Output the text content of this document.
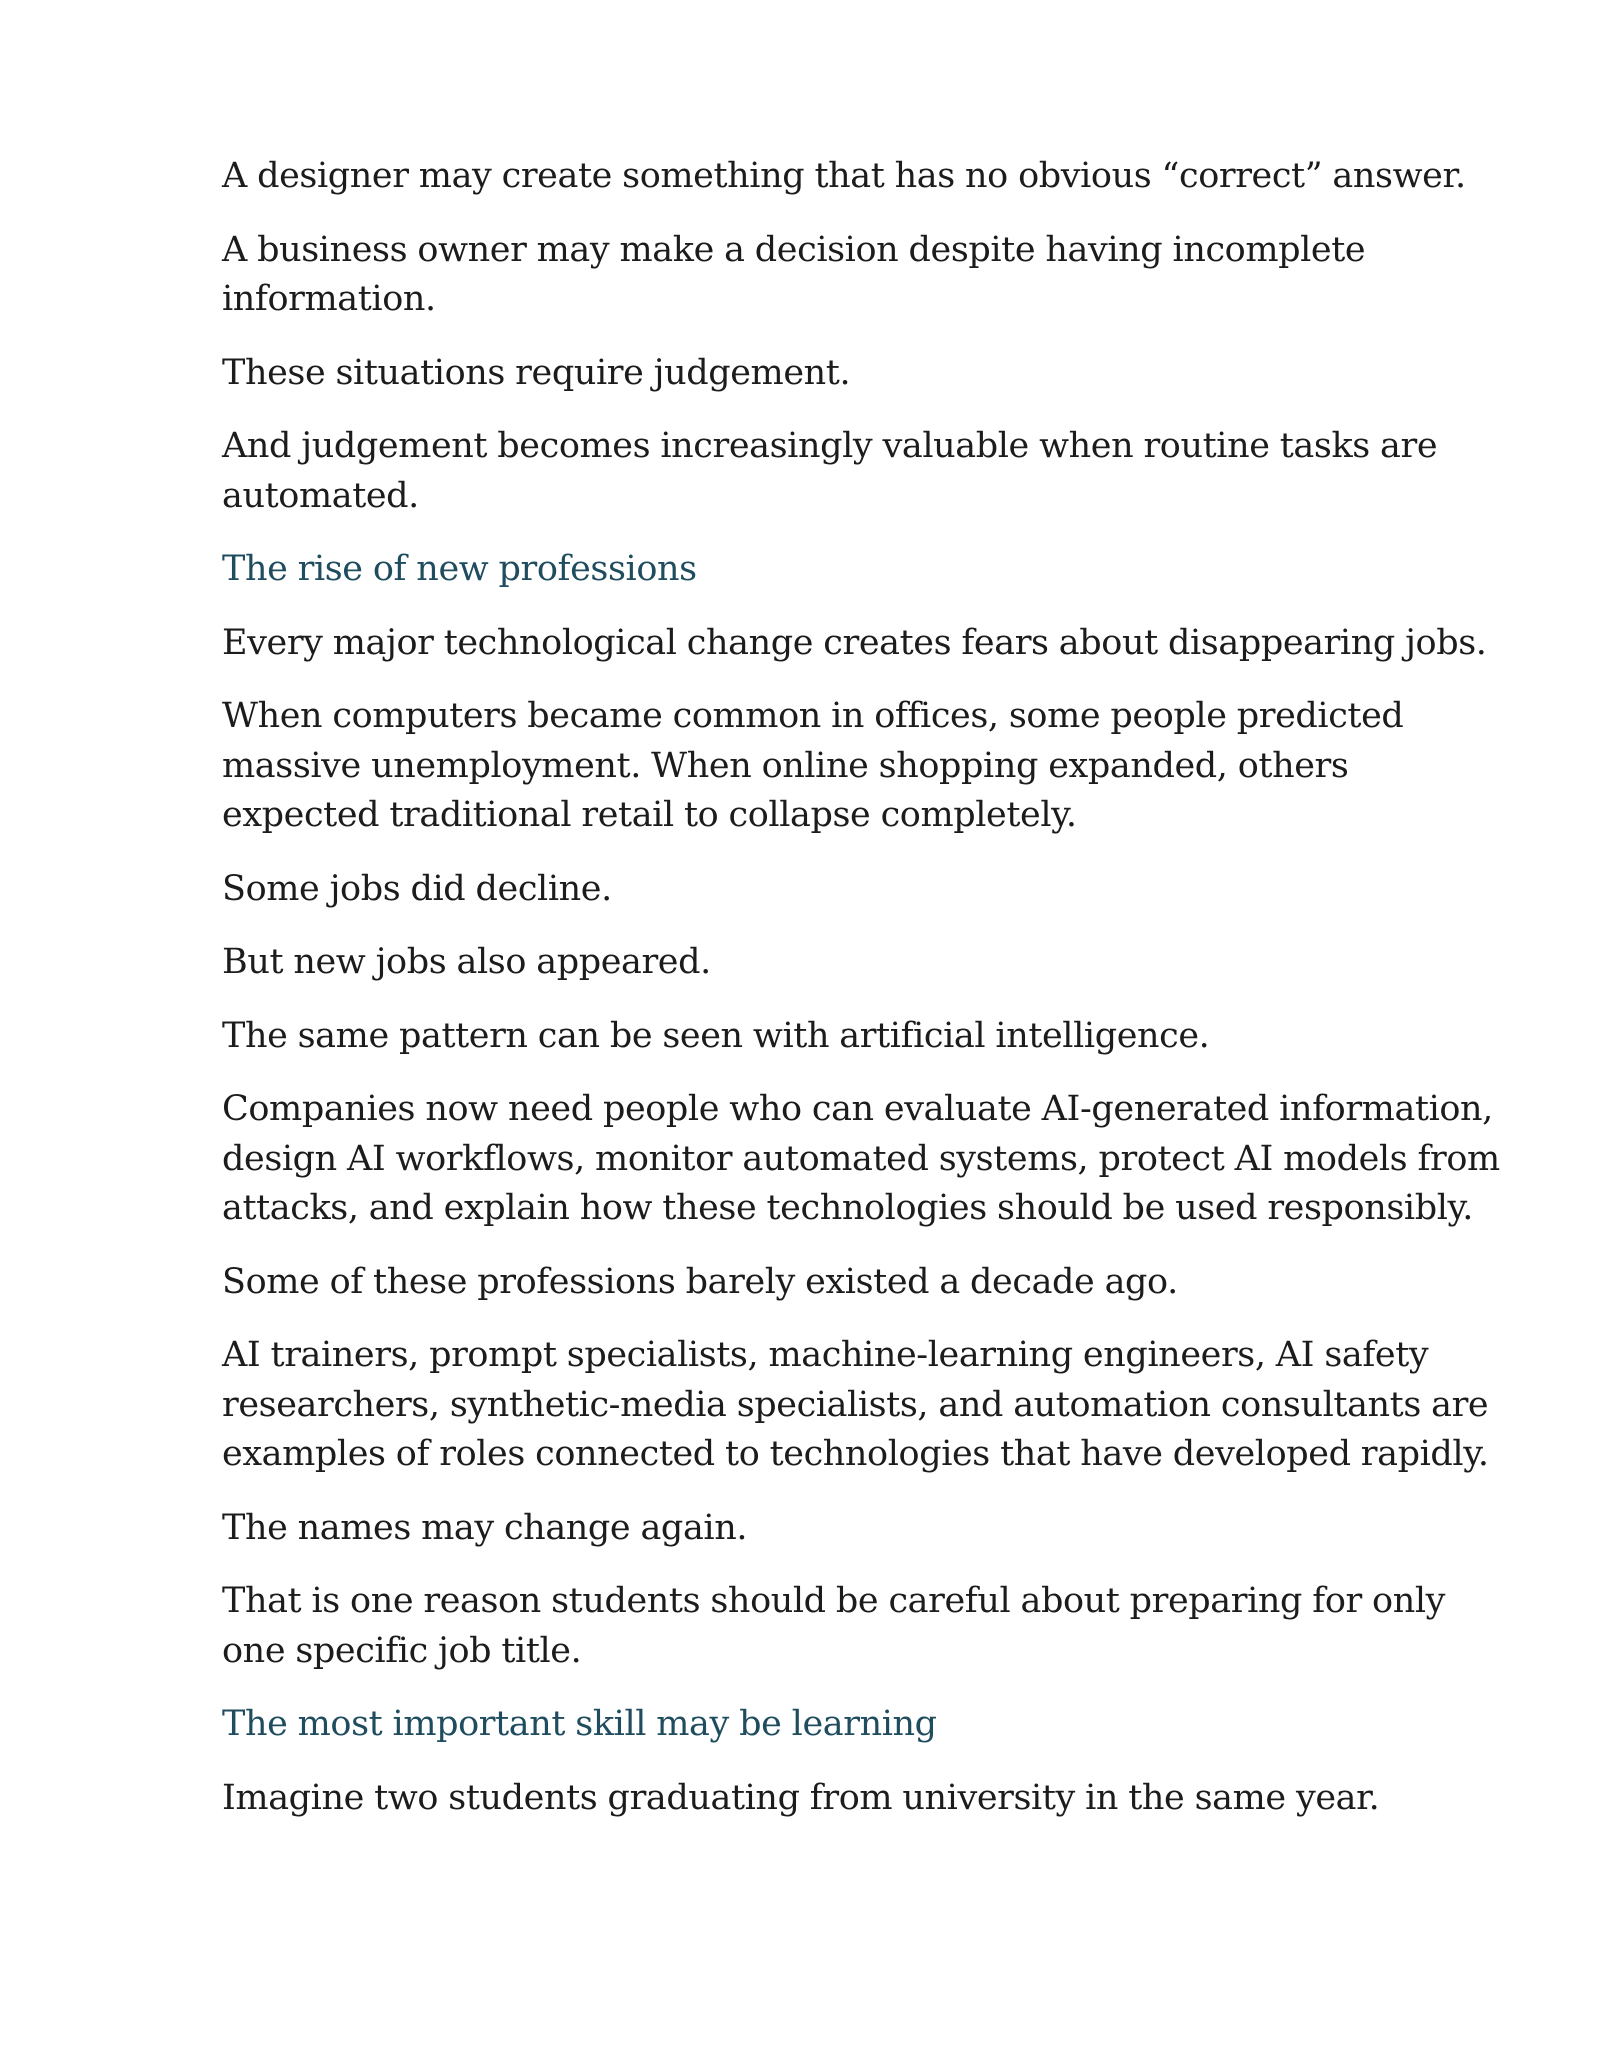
A designer may create something that has no obvious “correct” answer.

A business owner may make a decision despite having incomplete information.

These situations require judgement.

And judgement becomes increasingly valuable when routine tasks are automated.

The rise of new professions

Every major technological change creates fears about disappearing jobs.

When computers became common in offices, some people predicted massive unemployment. When online shopping expanded, others expected traditional retail to collapse completely.

Some jobs did decline.

But new jobs also appeared.

The same pattern can be seen with artificial intelligence.

Companies now need people who can evaluate AI-generated information, design AI workflows, monitor automated systems, protect AI models from attacks, and explain how these technologies should be used responsibly.

Some of these professions barely existed a decade ago.

AI trainers, prompt specialists, machine-learning engineers, AI safety researchers, synthetic-media specialists, and automation consultants are examples of roles connected to technologies that have developed rapidly.

The names may change again.

That is one reason students should be careful about preparing for only one specific job title.

The most important skill may be learning

Imagine two students graduating from university in the same year.
